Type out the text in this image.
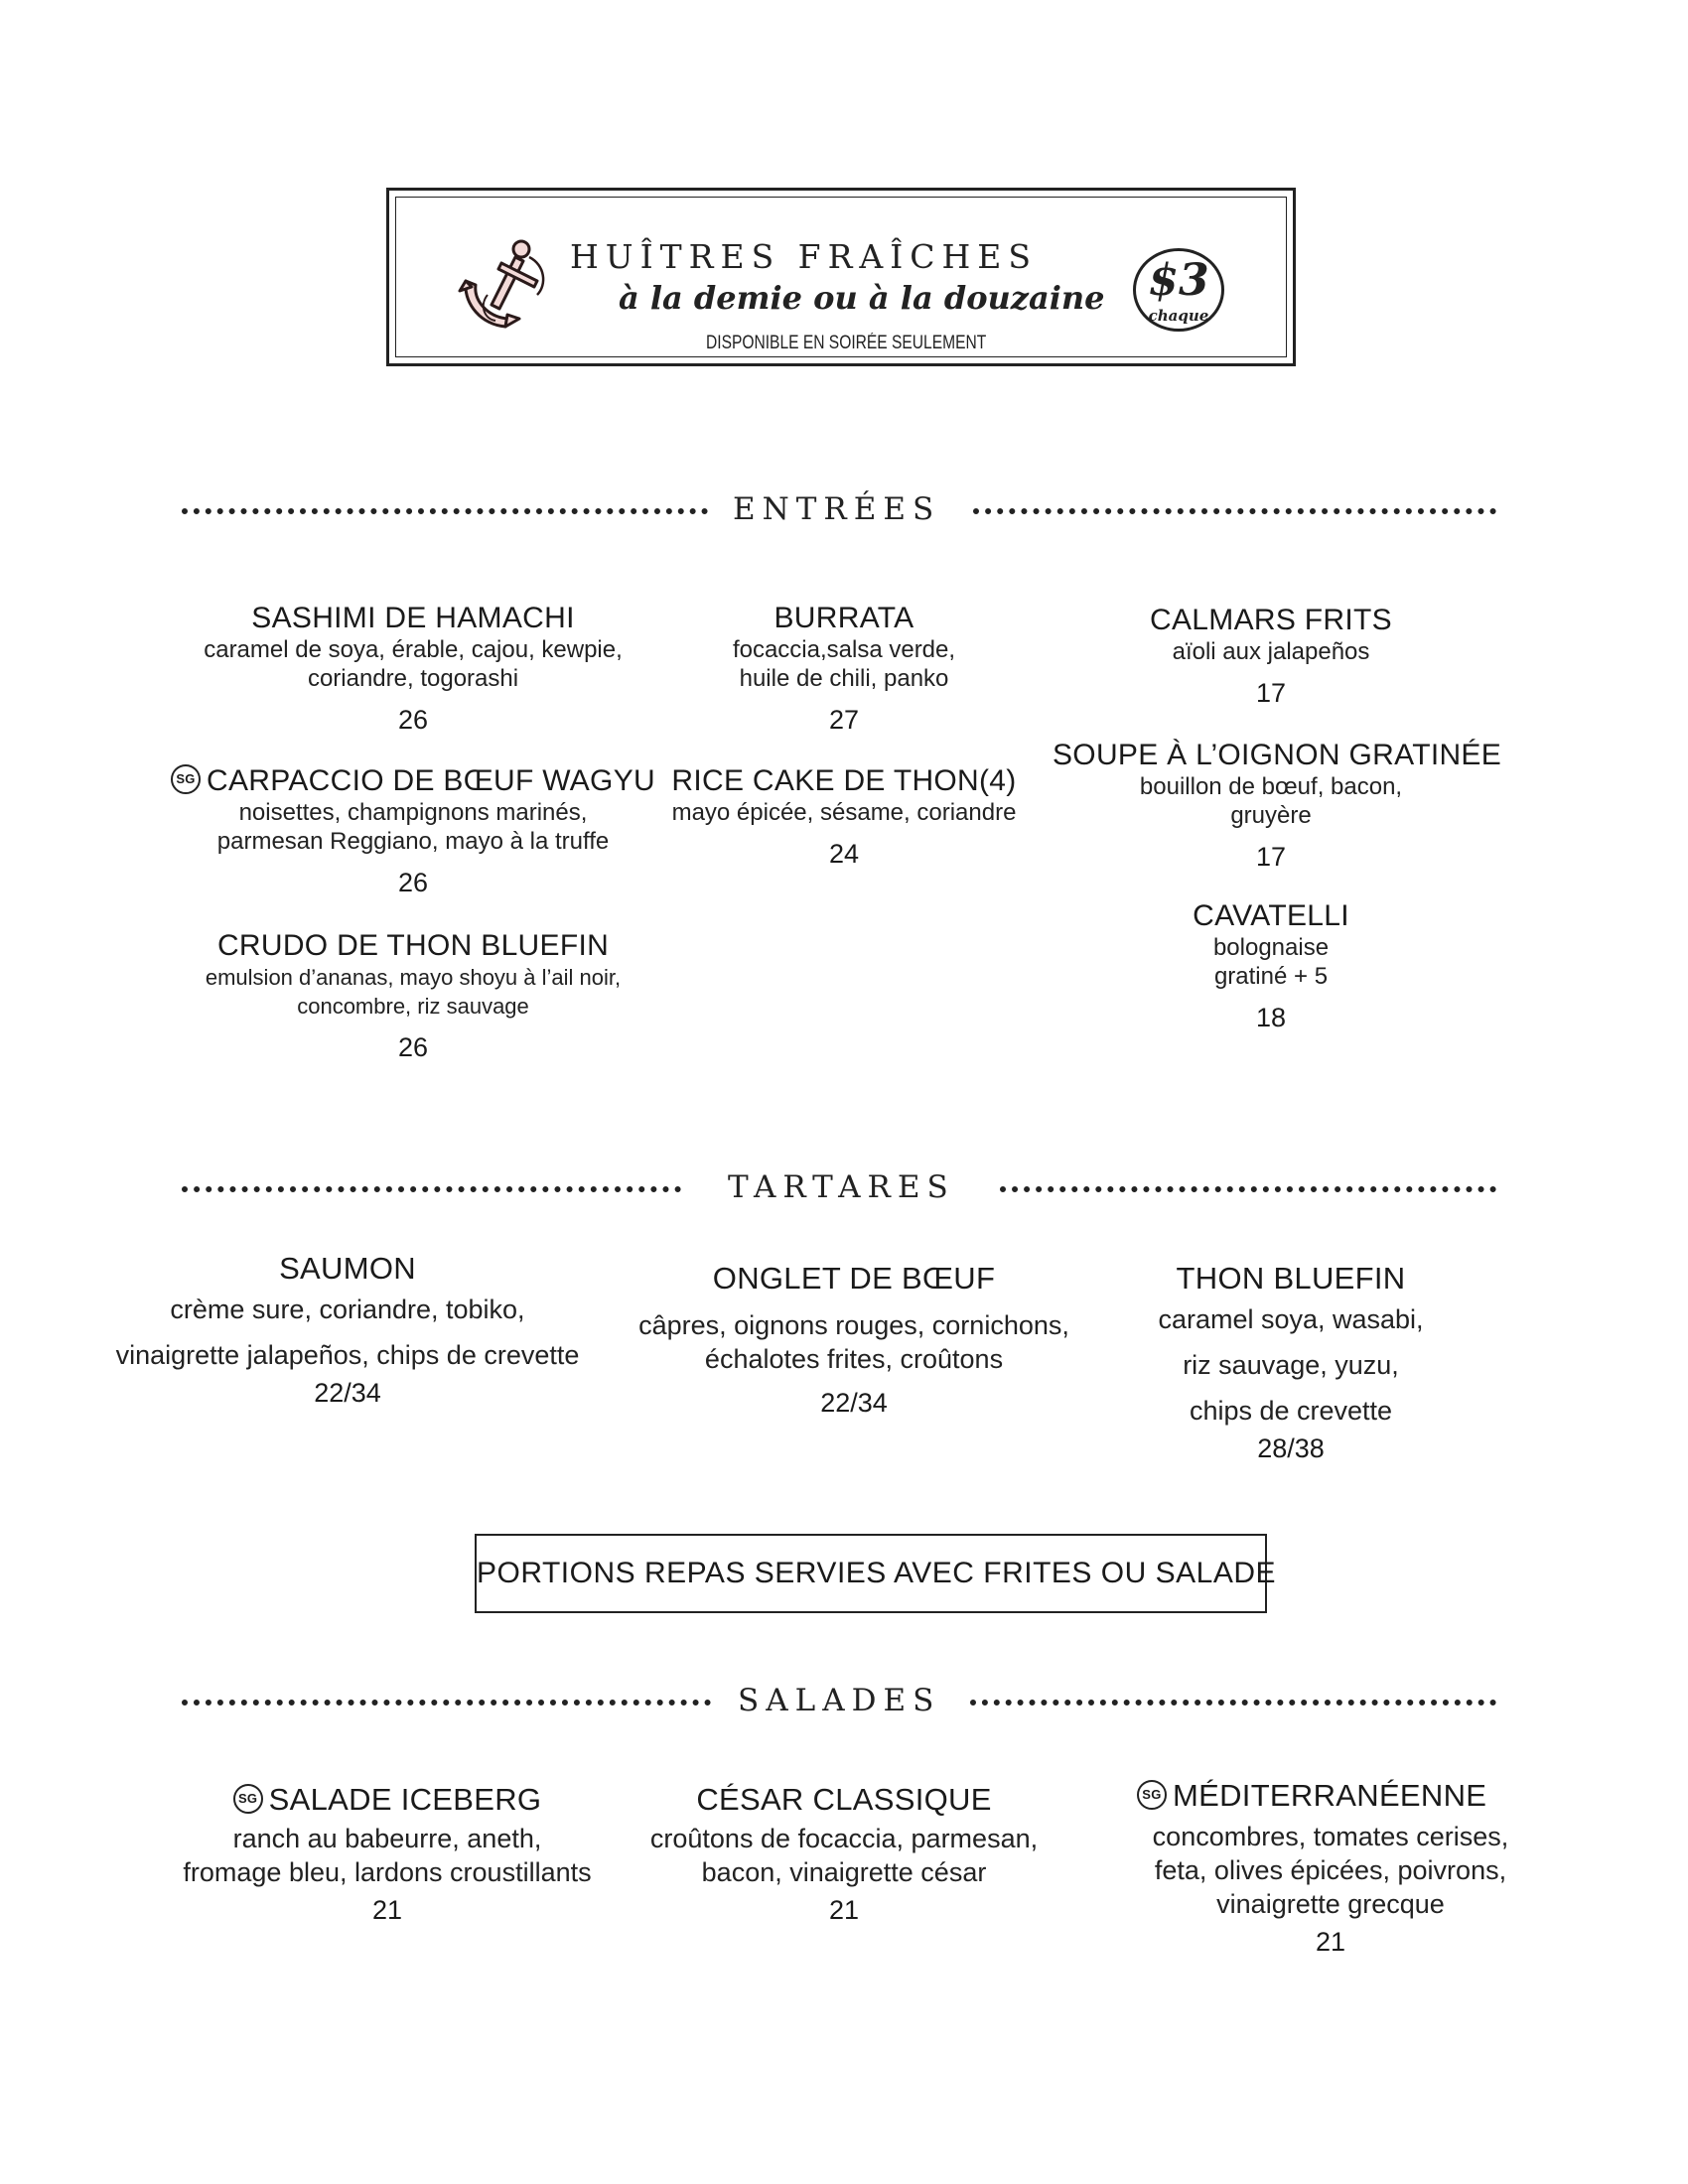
HUÎTRES FRAÎCHES
à la demie ou à la douzaine
DISPONIBLE EN SOIRÉE SEULEMENT
$3
chaque
ENTRÉES
SASHIMI DE HAMACHI
caramel de soya, érable, cajou, kewpie,
coriandre, togorashi
26
SG CARPACCIO DE BŒUF WAGYU
noisettes, champignons marinés,
parmesan Reggiano, mayo à la truffe
26
CRUDO DE THON BLUEFIN
emulsion d’ananas, mayo shoyu à l’ail noir,
concombre, riz sauvage
26
BURRATA
focaccia,salsa verde,
huile de chili, panko
27
RICE CAKE DE THON(4)
mayo épicée, sésame, coriandre
24
CALMARS FRITS
aïoli aux jalapeños
17
SOUPE À L’OIGNON GRATINÉE
bouillon de bœuf, bacon,
gruyère
17
CAVATELLI
bolognaise
gratiné + 5
18
TARTARES
SAUMON
crème sure, coriandre, tobiko,
vinaigrette jalapeños, chips de crevette
22/34
ONGLET DE BŒUF
câpres, oignons rouges, cornichons,
échalotes frites, croûtons
22/34
THON BLUEFIN
caramel soya, wasabi,
riz sauvage, yuzu,
chips de crevette
28/38
PORTIONS REPAS SERVIES AVEC FRITES OU SALADE
SALADES
SG SALADE ICEBERG
ranch au babeurre, aneth,
fromage bleu, lardons croustillants
21
CÉSAR CLASSIQUE
croûtons de focaccia, parmesan,
bacon, vinaigrette césar
21
SG MÉDITERRANÉENNE
concombres, tomates cerises,
feta, olives épicées, poivrons,
vinaigrette grecque
21
